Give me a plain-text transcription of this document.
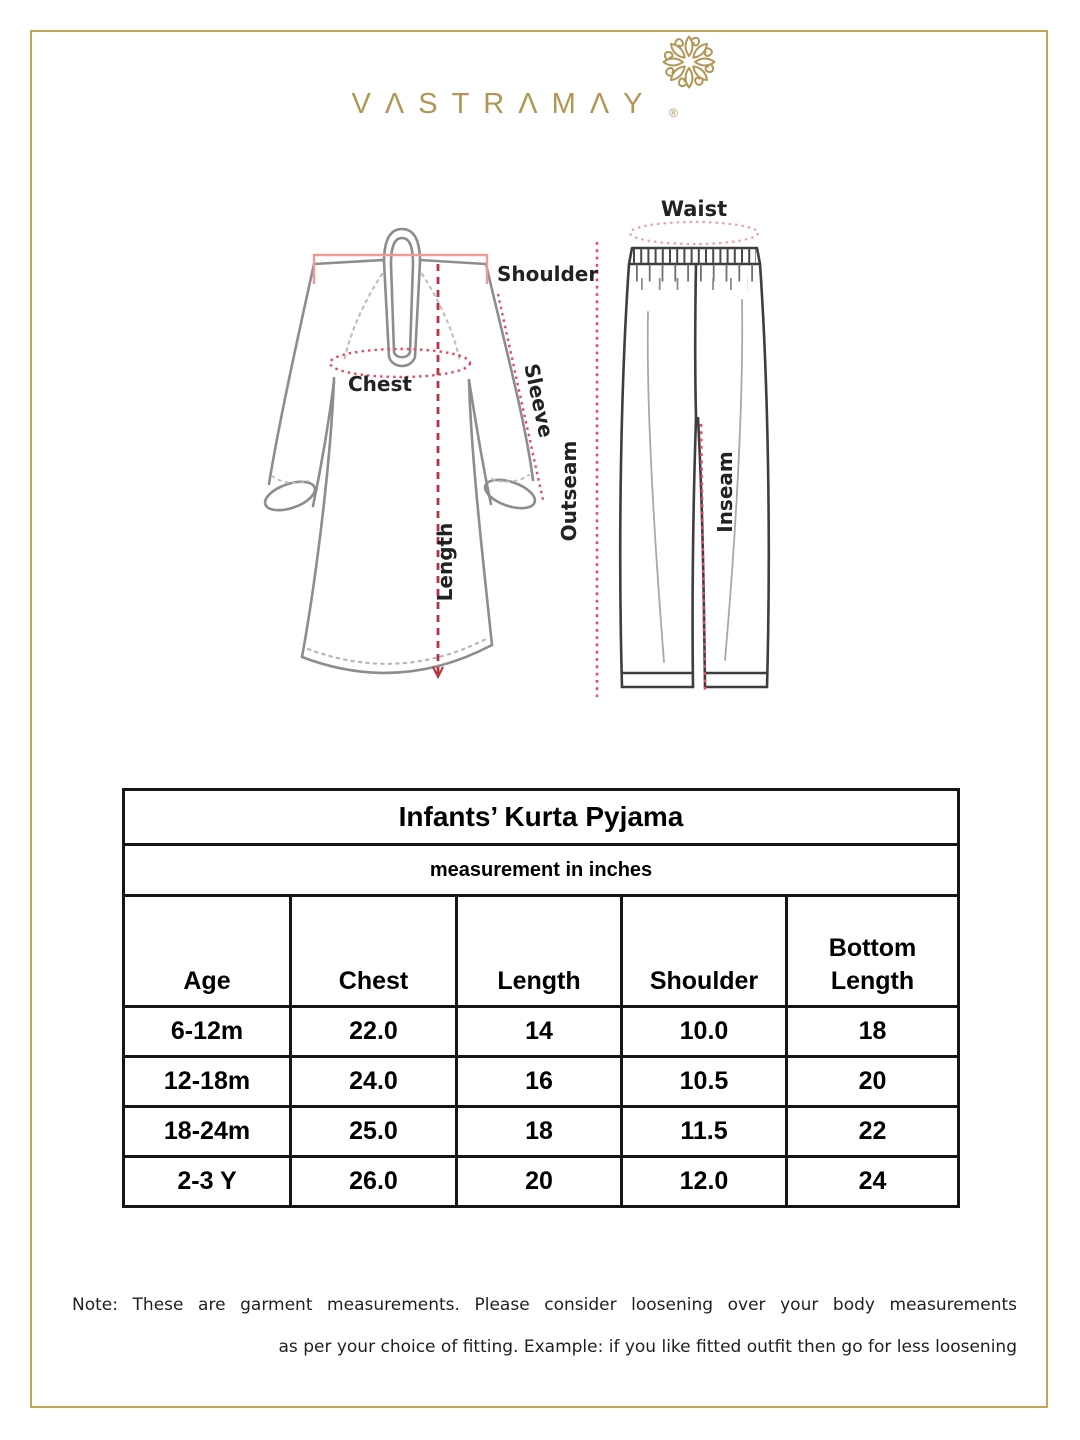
VΛSTRΛMΛY ®
Shoulder
Chest	Sleeve
Length
Waist
Outseam	Inseam
Infants’ Kurta Pyjama				
measurement in inches				
Age	Chest	Length	Shoulder	Bottom Length
6-12m	22.0	14	10.0	18
12-18m	24.0	16	10.5	20
18-24m	25.0	18	11.5	22
2-3 Y	26.0	20	12.0	24
Note: These are garment measurements. Please consider loosening over your body measurements
as per your choice of fitting. Example: if you like fitted outfit then go for less loosening
